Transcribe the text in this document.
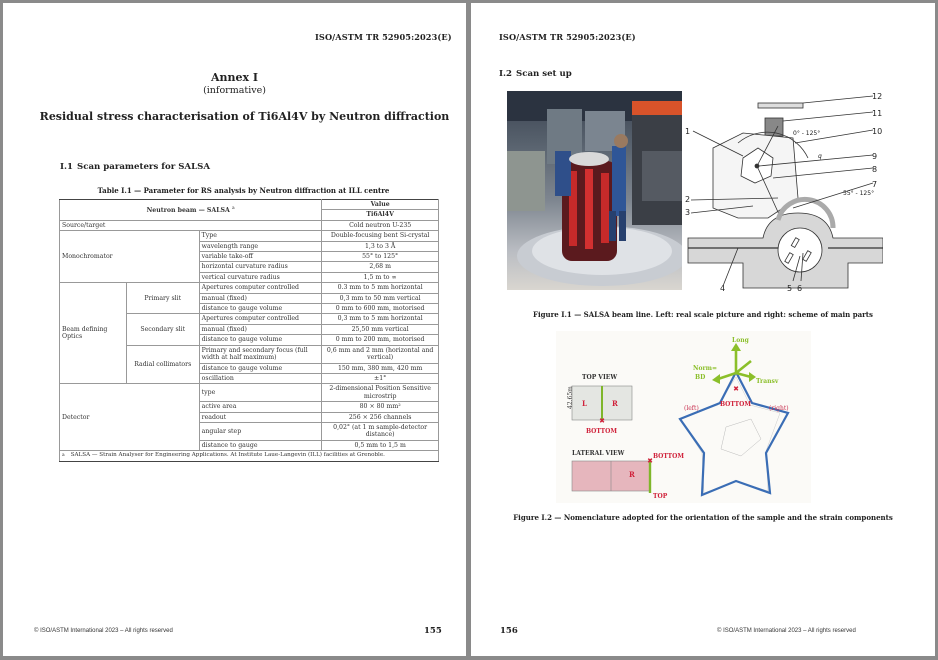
ISO/ASTM TR 52905:2023(E)
Annex I
(informative)
Residual stress characterisation of Ti6Al4V by Neutron diffraction
I.1 Scan parameters for SALSA
Table I.1 — Parameter for RS analysis by Neutron diffraction at ILL centre
Neutron beam — SALSA $^a$			Value
			Ti6Al4V
Source/target			Cold neutron U-235
Monochromator		Type	Double-focusing bent Si-crystal
		wavelength range	1,3 to 3 Å
		variable take-off	55° to 125°
		horizontal curvature radius	2,68 m
		vertical curvature radius	1,5 m to ∞
Beam defining Optics	Primary slit	Apertures computer controlled	0.3 mm to 5 mm horizontal
		manual (fixed)	0,3 mm to 50 mm vertical
		distance to gauge volume	0 mm to 600 mm, motorised
	Secondary slit	Apertures computer controlled	0,3 mm to 5 mm horizontal
		manual (fixed)	25,50 mm vertical
		distance to gauge volume	0 mm to 200 mm, motorised
	Radial collimators	Primary and secondary focus (full width at half maximum)	0,6 mm and 2 mm (horizontal and vertical)
		distance to gauge volume	150 mm, 380 mm, 420 mm
		oscillation	±1°
Detector		type	2-dimensional Position Sensitive microstrip
		active area	80 × 80 mm²
		readout	256 × 256 channels
		angular step	0,02° (at 1 m sample-detector distance)
		distance to gauge	0,5 mm to 1,5 m
$^a$ SALSA — Strain Analyser for Engineering Applications. At Institute Laue-Langevin (ILL) facilities at Grenoble.			
© ISO/ASTM International 2023 – All rights reserved	155
ISO/ASTM TR 52905:2023(E)
I.2 Scan set up
1
2
3
4	5 6
7
8
9
10
11
12
0° - 125°
55° - 125°
q
Figure I.1 — SALSA beam line. Left: real scale picture and right: scheme of main parts
TOP VIEW
L	R
✖
BOTTOM
42.65m
LATERAL VIEW
✖
R
BOTTOM
TOP
Long
Norm=
BD
Transv
✖
BOTTOM
(left)	(right)
Figure I.2 — Nomenclature adopted for the orientation of the sample and the strain components
156	© ISO/ASTM International 2023 – All rights reserved
